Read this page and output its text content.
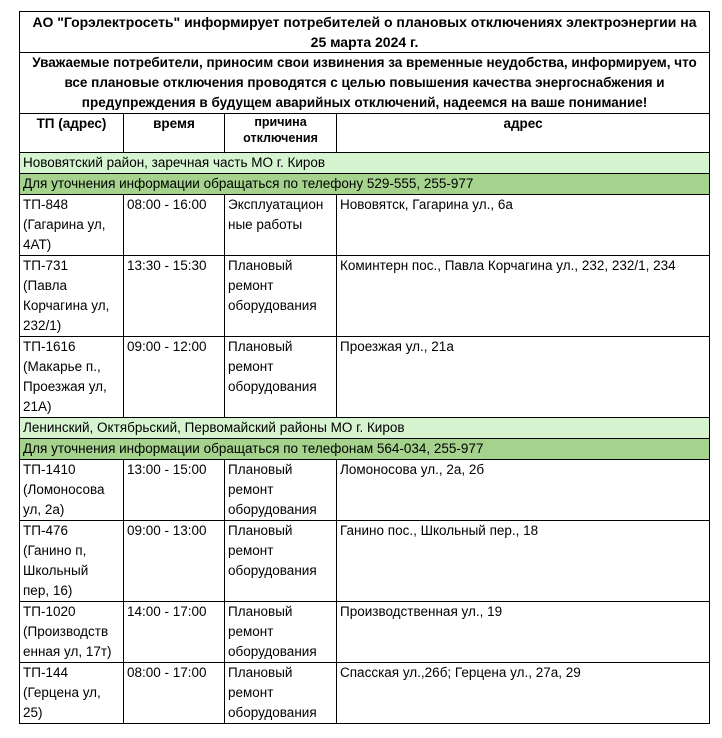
АО "Горэлектросеть" информирует потребителей о плановых отключениях электроэнергии на
25 марта 2024 г.			

Уважаемые потребители, приносим свои извинения за временные неудобства, информируем, что все плановые отключения проводятся с целью повышения качества энергоснабжения и предупреждения в будущем аварийных отключений, надеемся на ваше понимание!			
ТП (адрес)	время	причина отключения	адрес
Нововятский район, заречная часть МО г. Киров			
Для уточнения информации обращаться по телефону 529-555, 255-977			
ТП-848
(Гагарина ул,
4АТ)	08:00 - 16:00	Эксплуатацион ные работы	Нововятск, Гагарина ул., 6а
ТП-731
(Павла
Корчагина ул,
232/1)	13:30 - 15:30	Плановый ремонт оборудования	Коминтерн пос., Павла Корчагина ул., 232, 232/1, 234
ТП-1616
(Макарье п.,
Проезжая ул,
21А)	09:00 - 12:00	Плановый ремонт оборудования	Проезжая ул., 21а
Ленинский, Октябрьский, Первомайский районы МО г. Киров			
Для уточнения информации обращаться по телефонам 564-034, 255-977			
ТП-1410
(Ломоносова
ул, 2а)	13:00 - 15:00	Плановый ремонт оборудования	Ломоносова ул., 2а, 2б
ТП-476
(Ганино п,
Школьный
пер, 16)	09:00 - 13:00	Плановый ремонт оборудования	Ганино пос., Школьный пер., 18
ТП-1020
(Производств
енная ул, 17т)	14:00 - 17:00	Плановый ремонт оборудования	Производственная ул., 19
ТП-144
(Герцена ул,
25)	08:00 - 17:00	Плановый ремонт оборудования	Спасская ул.,26б; Герцена ул., 27а, 29
